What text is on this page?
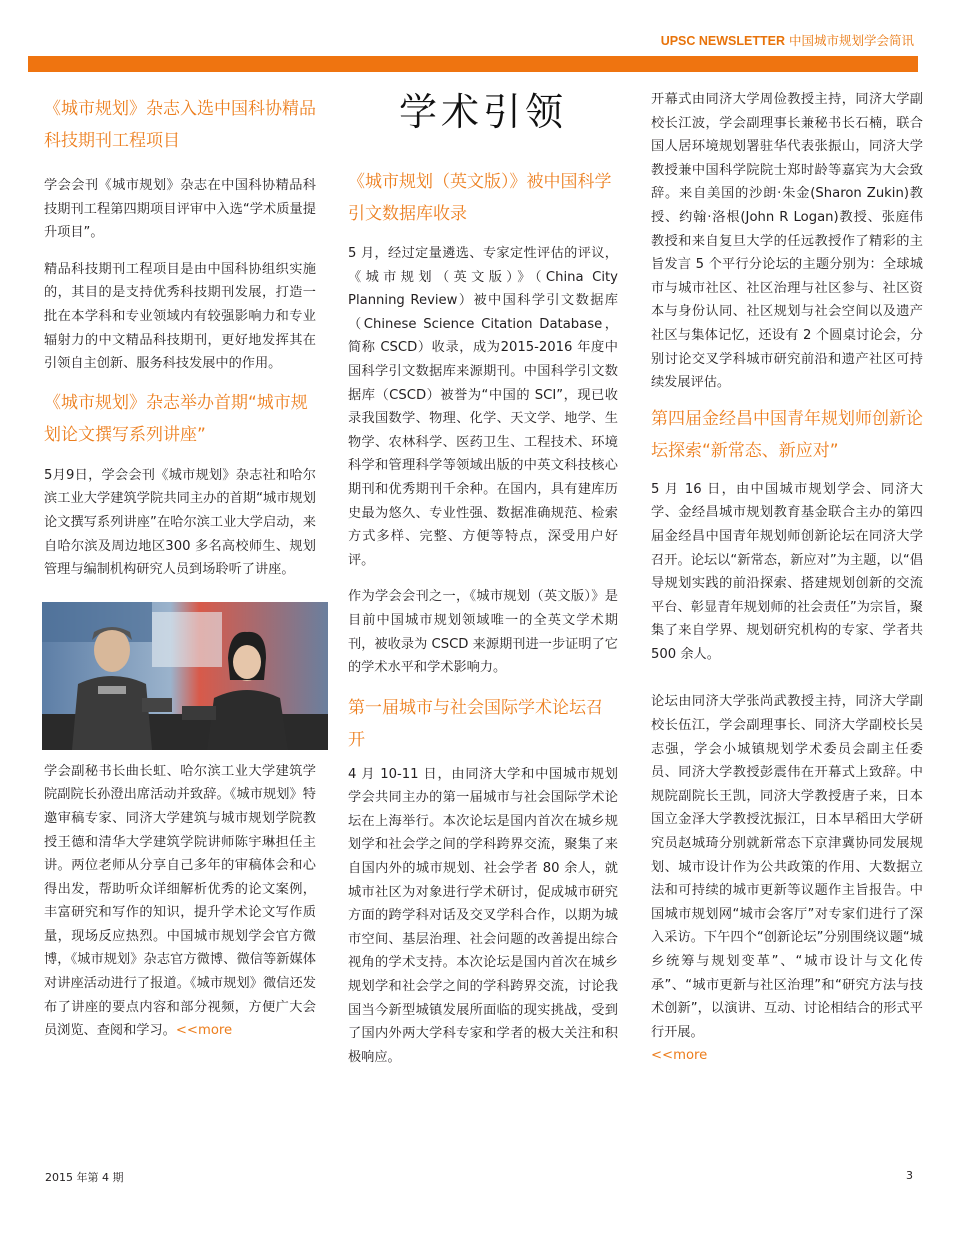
UPSC NEWSLETTER 中国城市规划学会简讯
《城市规划》杂志入选中国科协精品科技期刊工程项目
学会会刊《城市规划》杂志在中国科协精品科技期刊工程第四期项目评审中入选“学术质量提升项目”。
精品科技期刊工程项目是由中国科协组织实施的，其目的是支持优秀科技期刊发展，打造一批在本学科和专业领域内有较强影响力和专业辐射力的中文精品科技期刊，更好地发挥其在引领自主创新、服务科技发展中的作用。
《城市规划》杂志举办首期“城市规划论文撰写系列讲座”
5月9日，学会会刊《城市规划》杂志社和哈尔滨工业大学建筑学院共同主办的首期“城市规划论文撰写系列讲座”在哈尔滨工业大学启动，来自哈尔滨及周边地区300 多名高校师生、规划管理与编制机构研究人员到场聆听了讲座。
学会副秘书长曲长虹、哈尔滨工业大学建筑学院副院长孙澄出席活动并致辞。《城市规划》特邀审稿专家、同济大学建筑与城市规划学院教授王德和清华大学建筑学院讲师陈宇琳担任主讲。两位老师从分享自己多年的审稿体会和心得出发，帮助听众详细解析优秀的论文案例，丰富研究和写作的知识，提升学术论文写作质量，现场反应热烈。中国城市规划学会官方微博，《城市规划》杂志官方微博、微信等新媒体对讲座活动进行了报道。《城市规划》微信还发布了讲座的要点内容和部分视频，方便广大会员浏览、查阅和学习。<<more
学术引领
《城市规划（英文版）》被中国科学引文数据库收录
5 月，经过定量遴选、专家定性评估的评议，《城市规划（英文版）》（China City Planning Review）被中国科学引文数据库（Chinese Science Citation Database，简称 CSCD）收录，成为2015-2016 年度中国科学引文数据库来源期刊。中国科学引文数据库（CSCD）被誉为“中国的 SCI”，现已收录我国数学、物理、化学、天文学、地学、生物学、农林科学、医药卫生、工程技术、环境科学和管理科学等领域出版的中英文科技核心期刊和优秀期刊千余种。在国内，具有建库历史最为悠久、专业性强、数据准确规范、检索方式多样、完整、方便等特点，深受用户好评。
作为学会会刊之一，《城市规划（英文版）》是目前中国城市规划领域唯一的全英文学术期刊，被收录为 CSCD 来源期刊进一步证明了它的学术水平和学术影响力。
第一届城市与社会国际学术论坛召开
4 月 10-11 日，由同济大学和中国城市规划学会共同主办的第一届城市与社会国际学术论坛在上海举行。本次论坛是国内首次在城乡规划学和社会学之间的学科跨界交流，聚集了来自国内外的城市规划、社会学者 80 余人，就城市社区为对象进行学术研讨，促成城市研究方面的跨学科对话及交叉学科合作，以期为城市空间、基层治理、社会问题的改善提出综合视角的学术支持。本次论坛是国内首次在城乡规划学和社会学之间的学科跨界交流，讨论我国当今新型城镇发展所面临的现实挑战，受到了国内外两大学科专家和学者的极大关注和积极响应。
开幕式由同济大学周俭教授主持，同济大学副校长江波，学会副理事长兼秘书长石楠，联合国人居环境规划署驻华代表张振山，同济大学教授兼中国科学院院士郑时龄等嘉宾为大会致辞。来自美国的沙朗·朱金(Sharon Zukin)教授、约翰·洛根(John R Logan)教授、张庭伟教授和来自复旦大学的任远教授作了精彩的主旨发言 5 个平行分论坛的主题分别为：全球城市与城市社区、社区治理与社区参与、社区资本与身份认同、社区规划与社会空间以及遗产社区与集体记忆，还设有 2 个圆桌讨论会，分别讨论交叉学科城市研究前沿和遗产社区可持续发展评估。
第四届金经昌中国青年规划师创新论坛探索“新常态、新应对”
5 月 16 日，由中国城市规划学会、同济大学、金经昌城市规划教育基金联合主办的第四届金经昌中国青年规划师创新论坛在同济大学召开。论坛以“新常态，新应对”为主题，以“倡导规划实践的前沿探索、搭建规划创新的交流平台、彰显青年规划师的社会责任”为宗旨，聚集了来自学界、规划研究机构的专家、学者共 500 余人。
论坛由同济大学张尚武教授主持，同济大学副校长伍江，学会副理事长、同济大学副校长吴志强，学会小城镇规划学术委员会副主任委员、同济大学教授彭震伟在开幕式上致辞。中规院副院长王凯，同济大学教授唐子来，日本国立金泽大学教授沈振江，日本早稻田大学研究员赵城琦分别就新常态下京津冀协同发展规划、城市设计作为公共政策的作用、大数据立法和可持续的城市更新等议题作主旨报告。中国城市规划网“城市会客厅”对专家们进行了深入采访。下午四个“创新论坛”分别围绕议题“城乡统筹与规划变革”、“城市设计与文化传承”、“城市更新与社区治理”和“研究方法与技术创新”，以演讲、互动、讨论相结合的形式平行开展。
<<more
2015 年第 4 期	3
